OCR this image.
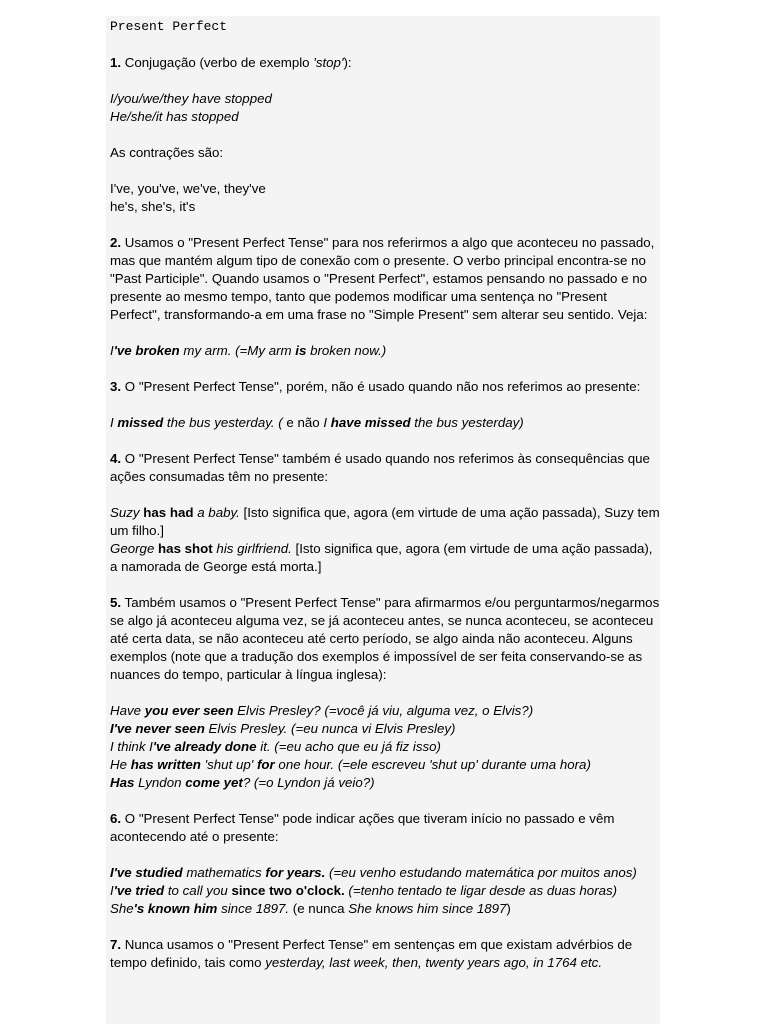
Present Perfect

1. Conjugação (verbo de exemplo 'stop'):

I/you/we/they have stopped

He/she/it has stopped

As contrações são:

I've, you've, we've, they've

he's, she's, it's

2. Usamos o "Present Perfect Tense" para nos referirmos a algo que aconteceu no passado, mas que mantém algum tipo de conexão com o presente. O verbo principal encontra-se no "Past Participle". Quando usamos o "Present Perfect", estamos pensando no passado e no presente ao mesmo tempo, tanto que podemos modificar uma sentença no "Present Perfect", transformando-a em uma frase no "Simple Present" sem alterar seu sentido. Veja:

I've broken my arm. (=My arm is broken now.)

3. O "Present Perfect Tense", porém, não é usado quando não nos referimos ao presente:

I missed the bus yesterday. ( e não I have missed the bus yesterday)

4. O "Present Perfect Tense" também é usado quando nos referimos às consequências que ações consumadas têm no presente:

Suzy has had a baby. [Isto significa que, agora (em virtude de uma ação passada), Suzy tem um filho.]

George has shot his girlfriend. [Isto significa que, agora (em virtude de uma ação passada), a namorada de George está morta.]

5. Também usamos o "Present Perfect Tense" para afirmarmos e/ou perguntarmos/negarmos se algo já aconteceu alguma vez, se já aconteceu antes, se nunca aconteceu, se aconteceu até certa data, se não aconteceu até certo período, se algo ainda não aconteceu. Alguns exemplos (note que a tradução dos exemplos é impossível de ser feita conservando-se as nuances do tempo, particular à língua inglesa):

Have you ever seen Elvis Presley? (=você já viu, alguma vez, o Elvis?)

I've never seen Elvis Presley. (=eu nunca vi Elvis Presley)

I think I've already done it. (=eu acho que eu já fiz isso)

He has written 'shut up' for one hour. (=ele escreveu 'shut up' durante uma hora)

Has Lyndon come yet? (=o Lyndon já veio?)

6. O "Present Perfect Tense" pode indicar ações que tiveram início no passado e vêm acontecendo até o presente:

I've studied mathematics for years. (=eu venho estudando matemática por muitos anos)

I've tried to call you since two o'clock. (=tenho tentado te ligar desde as duas horas)

She's known him since 1897. (e nunca She knows him since 1897)

7. Nunca usamos o "Present Perfect Tense" em sentenças em que existam advérbios de tempo definido, tais como yesterday, last week, then, twenty years ago, in 1764 etc.
